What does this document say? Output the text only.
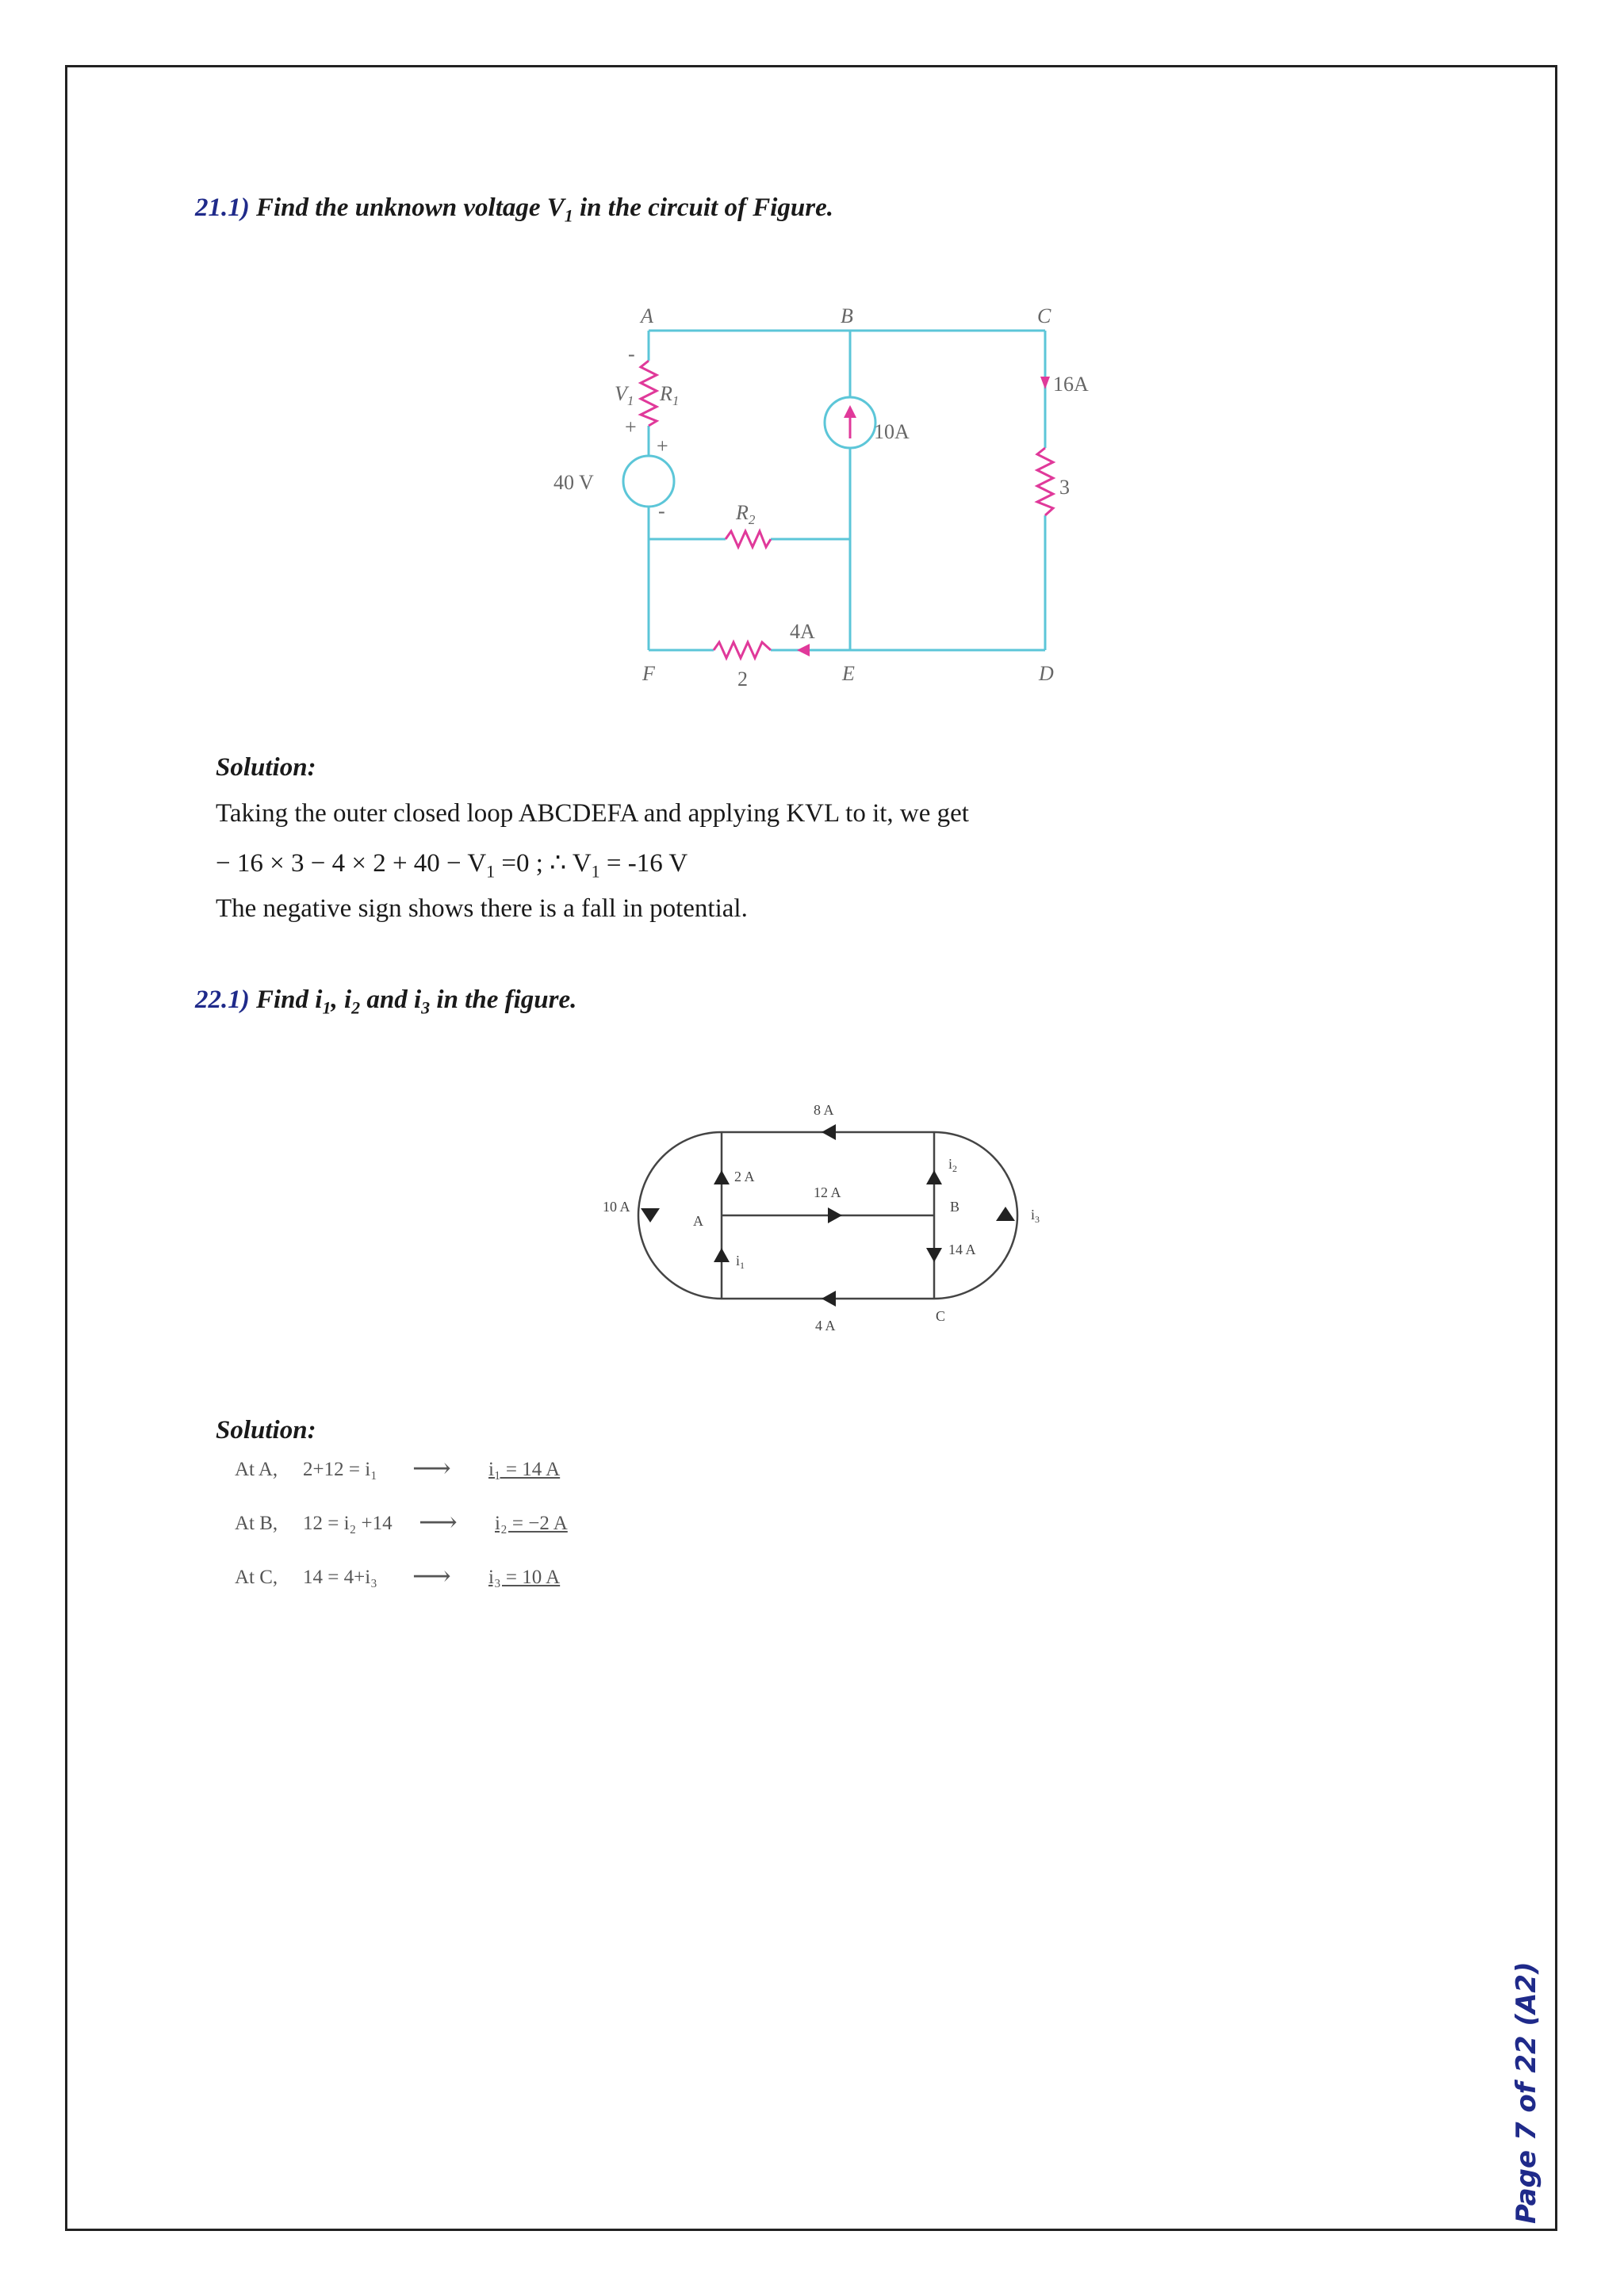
21.1) Find the unknown voltage $V_1$ in the circuit of Figure.
A	B	C
D
E
F
$V_1$ $R_1$
$R_2$
-
+
+
-
40 V
10A
16A
3
4A
2
Solution:
Taking the outer closed loop ABCDEFA and applying KVL to it, we get
− $16 \times 3 - 4 \times 2 + 40 - V_1 =0$ ; ∴ $V_1 = -16$ V
The negative sign shows there is a fall in potential.
22.1) Find $i_1$, $i_2$ and $i_3$ in the figure.
8 A
2 A
12 A
10 A
A
B
C
4 A
14 A
$i_1$
$i_2$
$i_3$
Solution:
At A, 2+12 = i₁ ⟶ i₁ = 14 A
At B, 12 = i₂ +14 ⟶ i₂ = −2 A
At C, 14 = 4+i₃ ⟶ i₃ = 10 A
Page 7 of 22 (A2)
